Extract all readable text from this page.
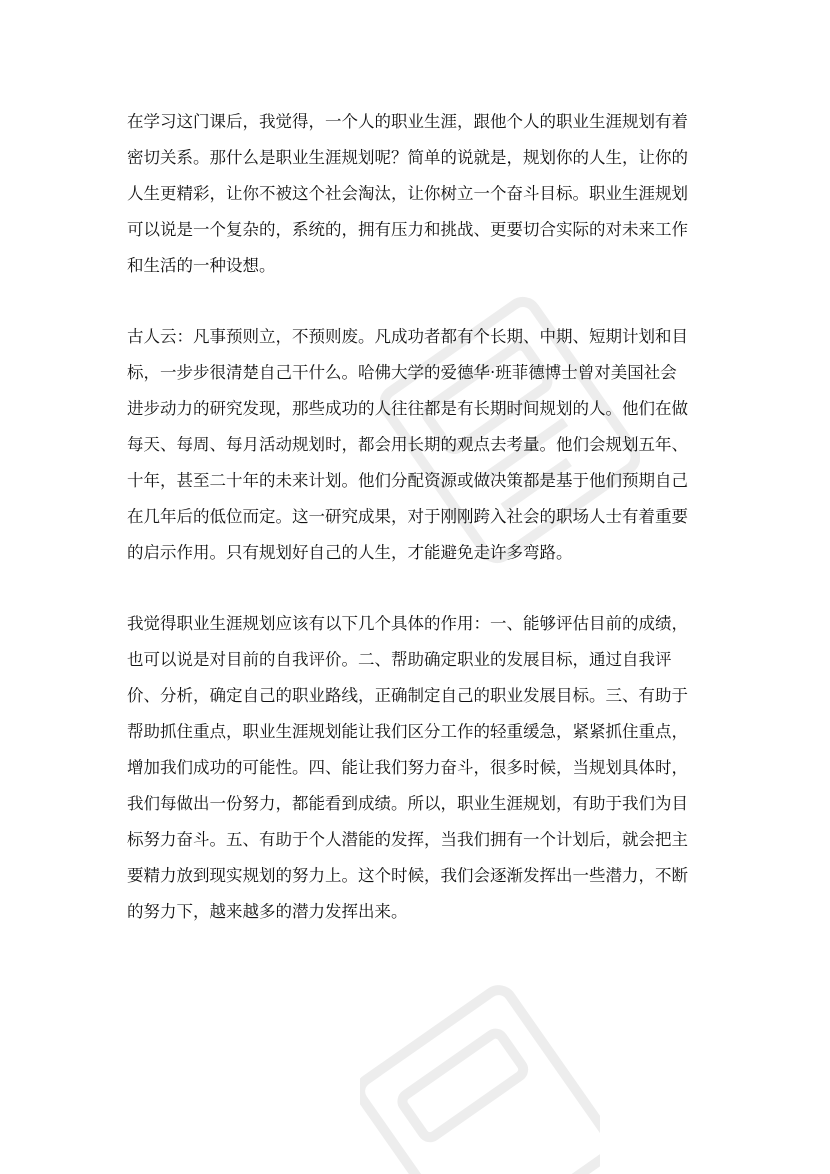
在学习这门课后，我觉得，一个人的职业生涯，跟他个人的职业生涯规划有着
密切关系。那什么是职业生涯规划呢？简单的说就是，规划你的人生，让你的
人生更精彩，让你不被这个社会淘汰，让你树立一个奋斗目标。职业生涯规划
可以说是一个复杂的，系统的，拥有压力和挑战、更要切合实际的对未来工作
和生活的一种设想。
古人云：凡事预则立，不预则废。凡成功者都有个长期、中期、短期计划和目
标，一步步很清楚自己干什么。哈佛大学的爱德华·班菲德博士曾对美国社会
进步动力的研究发现，那些成功的人往往都是有长期时间规划的人。他们在做
每天、每周、每月活动规划时，都会用长期的观点去考量。他们会规划五年、
十年，甚至二十年的未来计划。他们分配资源或做决策都是基于他们预期自己
在几年后的低位而定。这一研究成果，对于刚刚跨入社会的职场人士有着重要
的启示作用。只有规划好自己的人生，才能避免走许多弯路。
我觉得职业生涯规划应该有以下几个具体的作用：一、能够评估目前的成绩，
也可以说是对目前的自我评价。二、帮助确定职业的发展目标，通过自我评
价、分析，确定自己的职业路线，正确制定自己的职业发展目标。三、有助于
帮助抓住重点，职业生涯规划能让我们区分工作的轻重缓急，紧紧抓住重点，
增加我们成功的可能性。四、能让我们努力奋斗，很多时候，当规划具体时，
我们每做出一份努力，都能看到成绩。所以，职业生涯规划，有助于我们为目
标努力奋斗。五、有助于个人潜能的发挥，当我们拥有一个计划后，就会把主
要精力放到现实规划的努力上。这个时候，我们会逐渐发挥出一些潜力，不断
的努力下，越来越多的潜力发挥出来。
